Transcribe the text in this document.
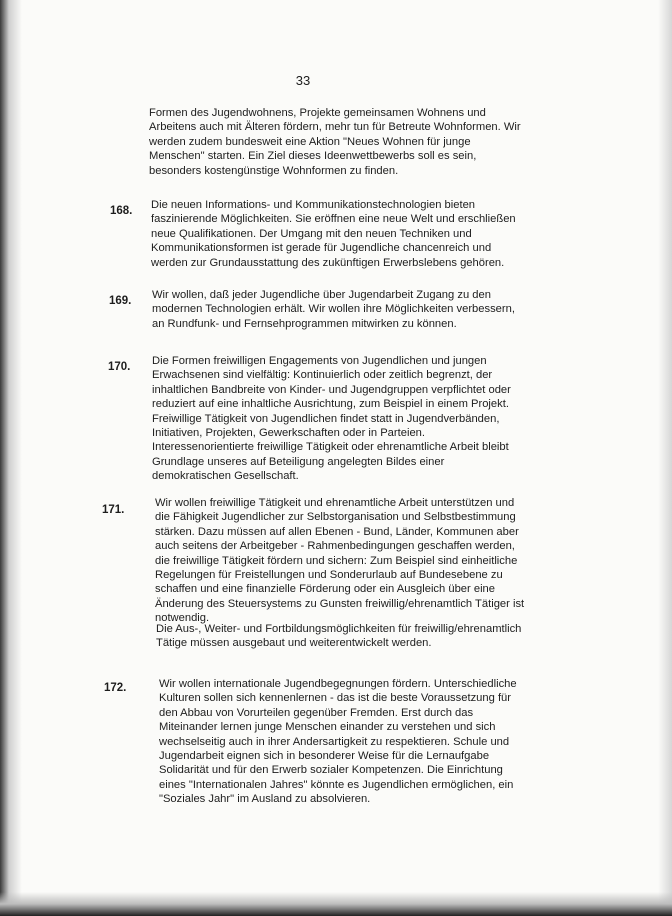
33
Formen des Jugendwohnens, Projekte gemeinsamen Wohnens und
Arbeitens auch mit Älteren fördern, mehr tun für Betreute Wohnformen. Wir
werden zudem bundesweit eine Aktion "Neues Wohnen für junge
Menschen" starten. Ein Ziel dieses Ideenwettbewerbs soll es sein,
besonders kostengünstige Wohnformen zu finden.
168. Die neuen Informations- und Kommunikationstechnologien bieten
faszinierende Möglichkeiten. Sie eröffnen eine neue Welt und erschließen
neue Qualifikationen. Der Umgang mit den neuen Techniken und
Kommunikationsformen ist gerade für Jugendliche chancenreich und
werden zur Grundausstattung des zukünftigen Erwerbslebens gehören.
169. Wir wollen, daß jeder Jugendliche über Jugendarbeit Zugang zu den
modernen Technologien erhält. Wir wollen ihre Möglichkeiten verbessern,
an Rundfunk- und Fernsehprogrammen mitwirken zu können.
170. Die Formen freiwilligen Engagements von Jugendlichen und jungen
Erwachsenen sind vielfältig: Kontinuierlich oder zeitlich begrenzt, der
inhaltlichen Bandbreite von Kinder- und Jugendgruppen verpflichtet oder
reduziert auf eine inhaltliche Ausrichtung, zum Beispiel in einem Projekt.
Freiwillige Tätigkeit von Jugendlichen findet statt in Jugendverbänden,
Initiativen, Projekten, Gewerkschaften oder in Parteien.
Interessenorientierte freiwillige Tätigkeit oder ehrenamtliche Arbeit bleibt
Grundlage unseres auf Beteiligung angelegten Bildes einer
demokratischen Gesellschaft.
171.
Wir wollen freiwillige Tätigkeit und ehrenamtliche Arbeit unterstützen und
die Fähigkeit Jugendlicher zur Selbstorganisation und Selbstbestimmung
stärken. Dazu müssen auf allen Ebenen - Bund, Länder, Kommunen aber
auch seitens der Arbeitgeber - Rahmenbedingungen geschaffen werden,
die freiwillige Tätigkeit fördern und sichern: Zum Beispiel sind einheitliche
Regelungen für Freistellungen und Sonderurlaub auf Bundesebene zu
schaffen und eine finanzielle Förderung oder ein Ausgleich über eine
Änderung des Steuersystems zu Gunsten freiwillig/ehrenamtlich Tätiger ist
notwendig.
Die Aus-, Weiter- und Fortbildungsmöglichkeiten für freiwillig/ehrenamtlich
Tätige müssen ausgebaut und weiterentwickelt werden.
172.	Wir wollen internationale Jugendbegegnungen fördern. Unterschiedliche
Kulturen sollen sich kennenlernen - das ist die beste Voraussetzung für
den Abbau von Vorurteilen gegenüber Fremden. Erst durch das
Miteinander lernen junge Menschen einander zu verstehen und sich
wechselseitig auch in ihrer Andersartigkeit zu respektieren. Schule und
Jugendarbeit eignen sich in besonderer Weise für die Lernaufgabe
Solidarität und für den Erwerb sozialer Kompetenzen. Die Einrichtung
eines "Internationalen Jahres" könnte es Jugendlichen ermöglichen, ein
"Soziales Jahr" im Ausland zu absolvieren.
